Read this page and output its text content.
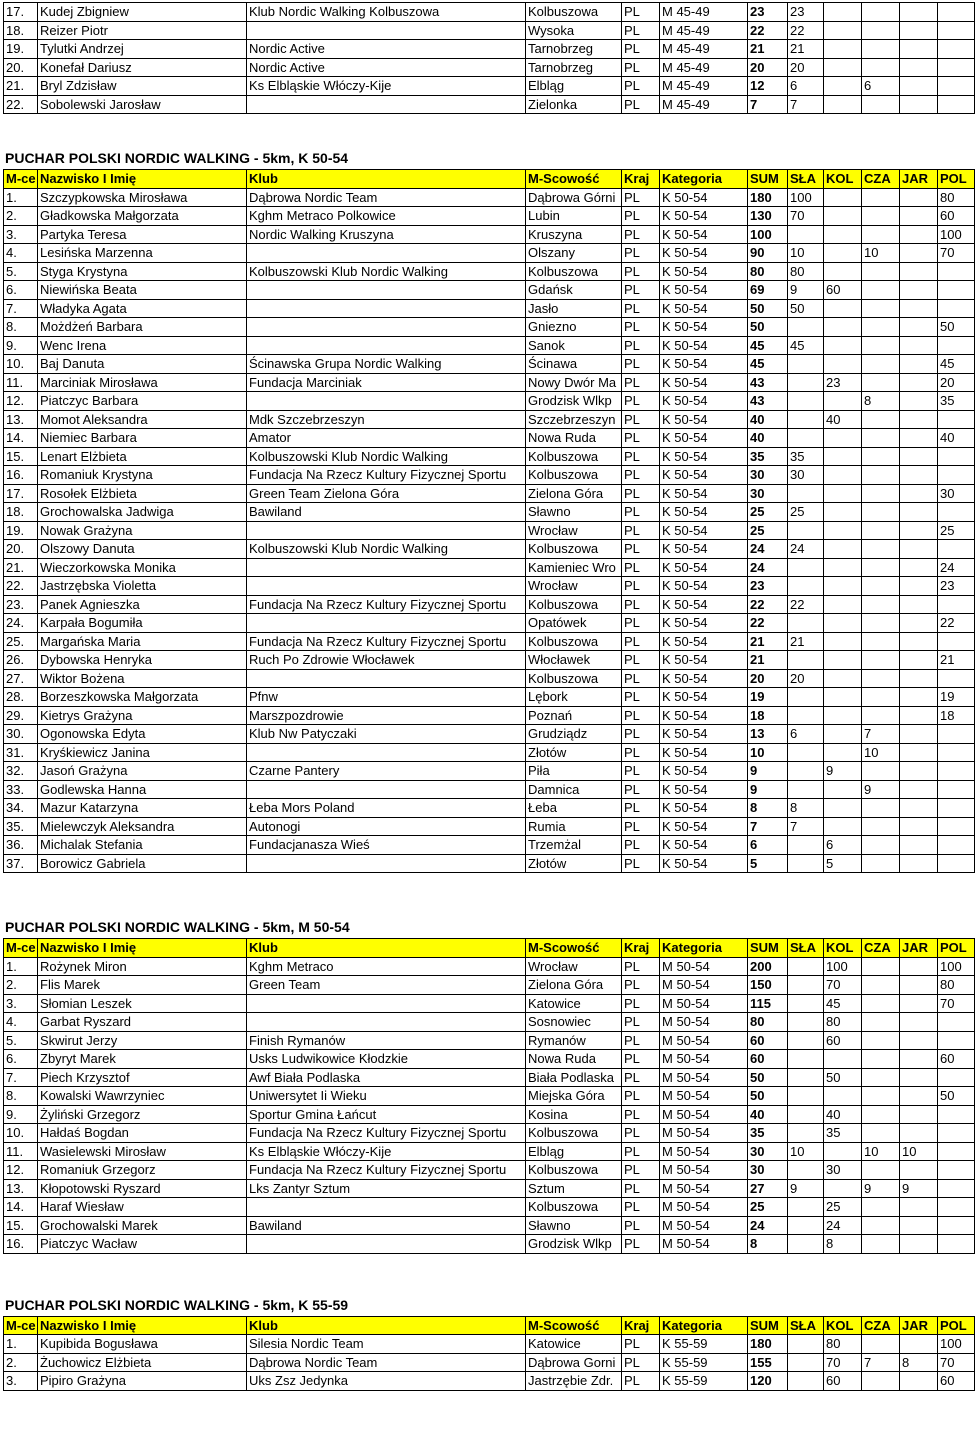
17.	Kudej Zbigniew	Klub Nordic Walking Kolbuszowa	Kolbuszowa	PL	M 45-49	23	23				
18.	Reizer Piotr		Wysoka	PL	M 45-49	22	22				
19.	Tylutki Andrzej	Nordic Active	Tarnobrzeg	PL	M 45-49	21	21				
20.	Konefał Dariusz	Nordic Active	Tarnobrzeg	PL	M 45-49	20	20				
21.	Bryl Zdzisław	Ks Elbląskie Włóczy-Kije	Elbląg	PL	M 45-49	12	6		6		
22.	Sobolewski Jarosław		Zielonka	PL	M 45-49	7	7				
PUCHAR POLSKI NORDIC WALKING - 5km, K 50-54
M-ce	Nazwisko I Imię	Klub	M-Scowość	Kraj	Kategoria	SUM	SŁA	KOL	CZA	JAR	POL
1.	Szczypkowska Mirosława	Dąbrowa Nordic Team	Dąbrowa Górni	PL	K 50-54	180	100				80
2.	Gładkowska Małgorzata	Kghm Metraco Polkowice	Lubin	PL	K 50-54	130	70				60
3.	Partyka Teresa	Nordic Walking Kruszyna	Kruszyna	PL	K 50-54	100					100
4.	Lesińska Marzenna		Olszany	PL	K 50-54	90	10		10		70
5.	Styga Krystyna	Kolbuszowski Klub Nordic Walking	Kolbuszowa	PL	K 50-54	80	80				
6.	Niewińska Beata		Gdańsk	PL	K 50-54	69	9	60			
7.	Władyka Agata		Jasło	PL	K 50-54	50	50				
8.	Możdżeń Barbara		Gniezno	PL	K 50-54	50					50
9.	Wenc Irena		Sanok	PL	K 50-54	45	45				
10.	Baj Danuta	Ścinawska Grupa Nordic Walking	Ścinawa	PL	K 50-54	45					45
11.	Marciniak Mirosława	Fundacja Marciniak	Nowy Dwór Ma	PL	K 50-54	43		23			20
12.	Piatczyc Barbara		Grodzisk Wlkp	PL	K 50-54	43			8		35
13.	Momot Aleksandra	Mdk Szczebrzeszyn	Szczebrzeszyn	PL	K 50-54	40		40			
14.	Niemiec Barbara	Amator	Nowa Ruda	PL	K 50-54	40					40
15.	Lenart Elżbieta	Kolbuszowski Klub Nordic Walking	Kolbuszowa	PL	K 50-54	35	35				
16.	Romaniuk Krystyna	Fundacja Na Rzecz Kultury Fizycznej Sportu	Kolbuszowa	PL	K 50-54	30	30				
17.	Rosołek Elżbieta	Green Team Zielona Góra	Zielona Góra	PL	K 50-54	30					30
18.	Grochowalska Jadwiga	Bawiland	Sławno	PL	K 50-54	25	25				
19.	Nowak Grażyna		Wrocław	PL	K 50-54	25					25
20.	Olszowy Danuta	Kolbuszowski Klub Nordic Walking	Kolbuszowa	PL	K 50-54	24	24				
21.	Wieczorkowska Monika		Kamieniec Wro	PL	K 50-54	24					24
22.	Jastrzębska Violetta		Wrocław	PL	K 50-54	23					23
23.	Panek Agnieszka	Fundacja Na Rzecz Kultury Fizycznej Sportu	Kolbuszowa	PL	K 50-54	22	22				
24.	Karpała Bogumiła		Opatówek	PL	K 50-54	22					22
25.	Margańska Maria	Fundacja Na Rzecz Kultury Fizycznej Sportu	Kolbuszowa	PL	K 50-54	21	21				
26.	Dybowska Henryka	Ruch Po Zdrowie Włocławek	Włocławek	PL	K 50-54	21					21
27.	Wiktor Bożena		Kolbuszowa	PL	K 50-54	20	20				
28.	Borzeszkowska Małgorzata	Pfnw	Lębork	PL	K 50-54	19					19
29.	Kietrys Grażyna	Marszpozdrowie	Poznań	PL	K 50-54	18					18
30.	Ogonowska Edyta	Klub Nw Patyczaki	Grudziądz	PL	K 50-54	13	6		7		
31.	Kryśkiewicz Janina		Złotów	PL	K 50-54	10			10		
32.	Jasoń Grażyna	Czarne Pantery	Piła	PL	K 50-54	9		9			
33.	Godlewska Hanna		Damnica	PL	K 50-54	9			9		
34.	Mazur Katarzyna	Łeba Mors Poland	Łeba	PL	K 50-54	8	8				
35.	Mielewczyk Aleksandra	Autonogi	Rumia	PL	K 50-54	7	7				
36.	Michalak Stefania	Fundacjanasza Wieś	Trzemżal	PL	K 50-54	6		6			
37.	Borowicz Gabriela		Złotów	PL	K 50-54	5		5			
PUCHAR POLSKI NORDIC WALKING - 5km, M 50-54
M-ce	Nazwisko I Imię	Klub	M-Scowość	Kraj	Kategoria	SUM	SŁA	KOL	CZA	JAR	POL
1.	Rożynek Miron	Kghm Metraco	Wrocław	PL	M 50-54	200		100			100
2.	Flis Marek	Green Team	Zielona Góra	PL	M 50-54	150		70			80
3.	Słomian Leszek		Katowice	PL	M 50-54	115		45			70
4.	Garbat Ryszard		Sosnowiec	PL	M 50-54	80		80			
5.	Skwirut Jerzy	Finish Rymanów	Rymanów	PL	M 50-54	60		60			
6.	Zbyryt Marek	Usks Ludwikowice Kłodzkie	Nowa Ruda	PL	M 50-54	60					60
7.	Piech Krzysztof	Awf Biała Podlaska	Biała Podlaska	PL	M 50-54	50		50			
8.	Kowalski Wawrzyniec	Uniwersytet Ii Wieku	Miejska Góra	PL	M 50-54	50					50
9.	Żyliński Grzegorz	Sportur Gmina Łańcut	Kosina	PL	M 50-54	40		40			
10.	Hałdaś Bogdan	Fundacja Na Rzecz Kultury Fizycznej Sportu	Kolbuszowa	PL	M 50-54	35		35			
11.	Wasielewski Mirosław	Ks Elbląskie Włóczy-Kije	Elbląg	PL	M 50-54	30	10		10	10	
12.	Romaniuk Grzegorz	Fundacja Na Rzecz Kultury Fizycznej Sportu	Kolbuszowa	PL	M 50-54	30		30			
13.	Kłopotowski Ryszard	Lks Zantyr Sztum	Sztum	PL	M 50-54	27	9		9	9	
14.	Haraf Wiesław		Kolbuszowa	PL	M 50-54	25		25			
15.	Grochowalski Marek	Bawiland	Sławno	PL	M 50-54	24		24			
16.	Piatczyc Wacław		Grodzisk Wlkp	PL	M 50-54	8		8			
PUCHAR POLSKI NORDIC WALKING - 5km, K 55-59
M-ce	Nazwisko I Imię	Klub	M-Scowość	Kraj	Kategoria	SUM	SŁA	KOL	CZA	JAR	POL
1.	Kupibida Bogusława	Silesia Nordic Team	Katowice	PL	K 55-59	180		80			100
2.	Żuchowicz Elżbieta	Dąbrowa Nordic Team	Dąbrowa Gorni	PL	K 55-59	155		70	7	8	70
3.	Pipiro Grażyna	Uks Zsz Jedynka	Jastrzębie Zdr.	PL	K 55-59	120		60			60
